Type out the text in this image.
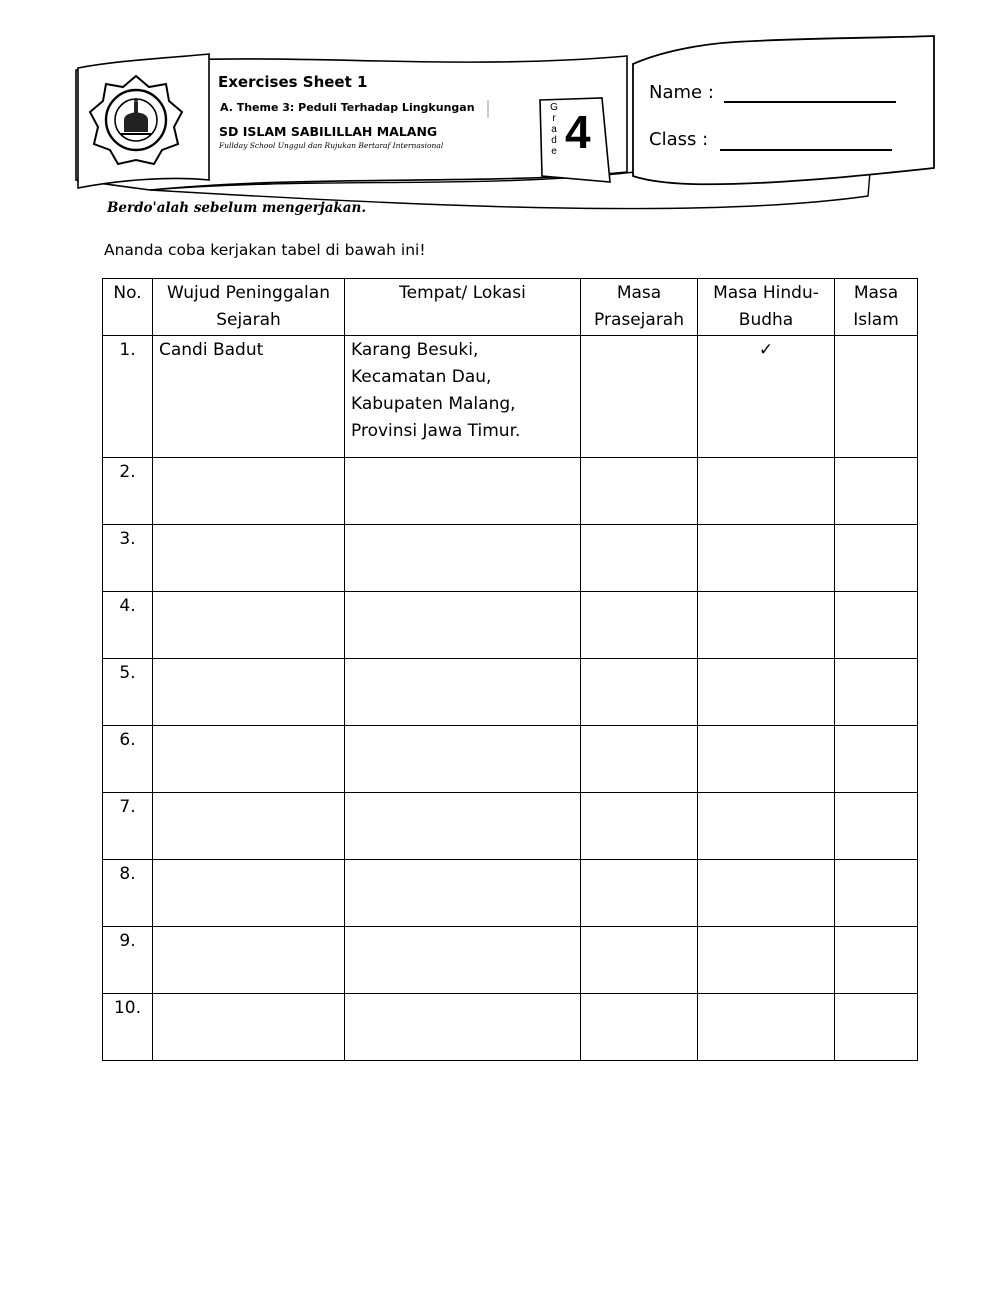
Exercises Sheet 1
A. Theme 3: Peduli Terhadap Lingkungan
SD ISLAM SABILILLAH MALANG
Fullday School Unggul dan Rujukan Bertaraf Internasional
G
r
a
d
e 4
Name :
Class :
Berdo'alah sebelum mengerjakan.
Ananda coba kerjakan tabel di bawah ini!
No.	Wujud Peninggalan Sejarah	Tempat/ Lokasi	Masa Prasejarah	Masa Hindu-Budha	Masa Islam
1.	Candi Badut	Karang Besuki, Kecamatan Dau, Kabupaten Malang, Provinsi Jawa Timur.		✓	
2.					
3.					
4.					
5.					
6.					
7.					
8.					
9.					
10.					
